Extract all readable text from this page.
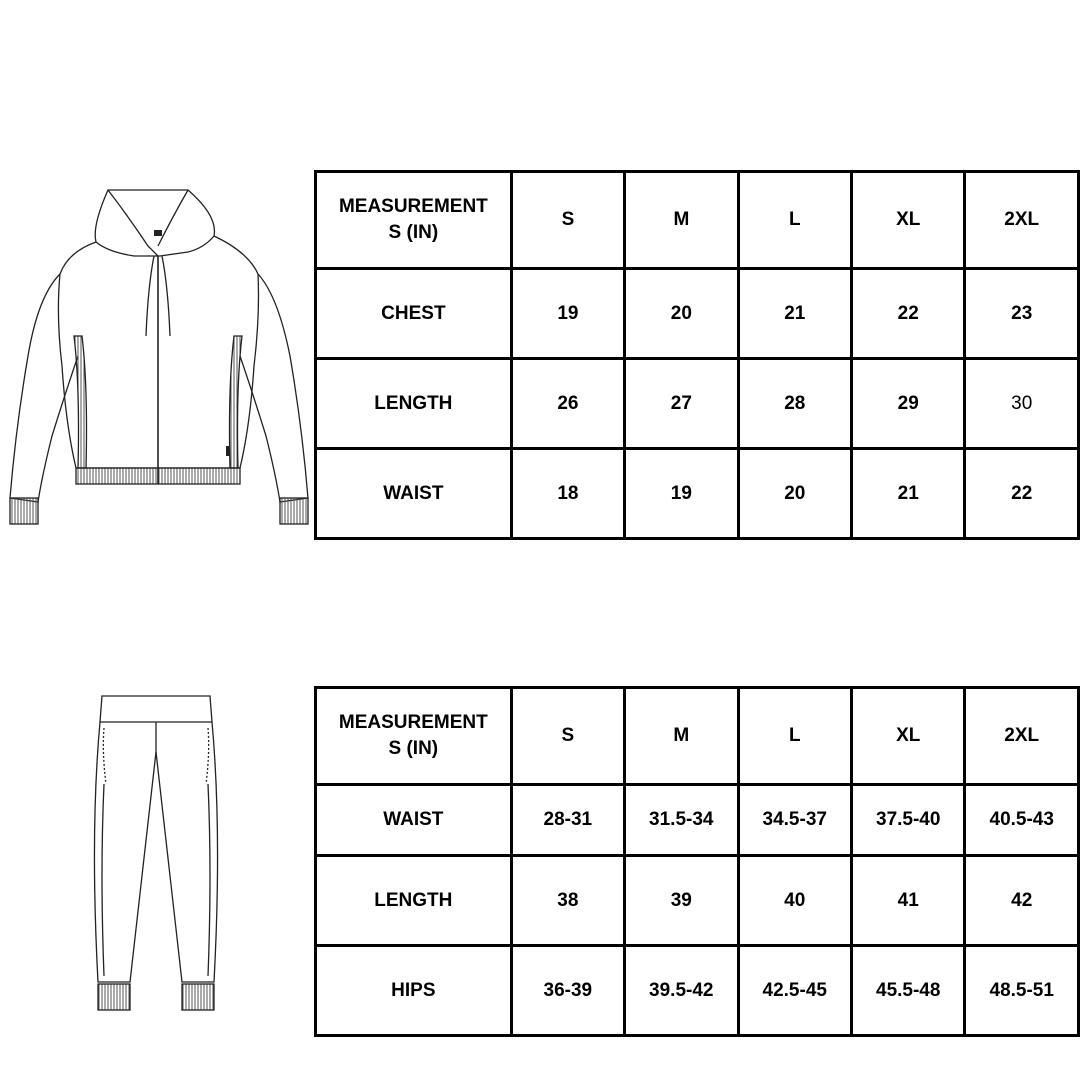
MEASUREMENT
S (IN)	S	M	L	XL	2XL
CHEST	19	20	21	22	23
LENGTH	26	27	28	29	30
WAIST	18	19	20	21	22
MEASUREMENT
S (IN)	S	M	L	XL	2XL
WAIST	28-31	31.5-34	34.5-37	37.5-40	40.5-43
LENGTH	38	39	40	41	42
HIPS	36-39	39.5-42	42.5-45	45.5-48	48.5-51
